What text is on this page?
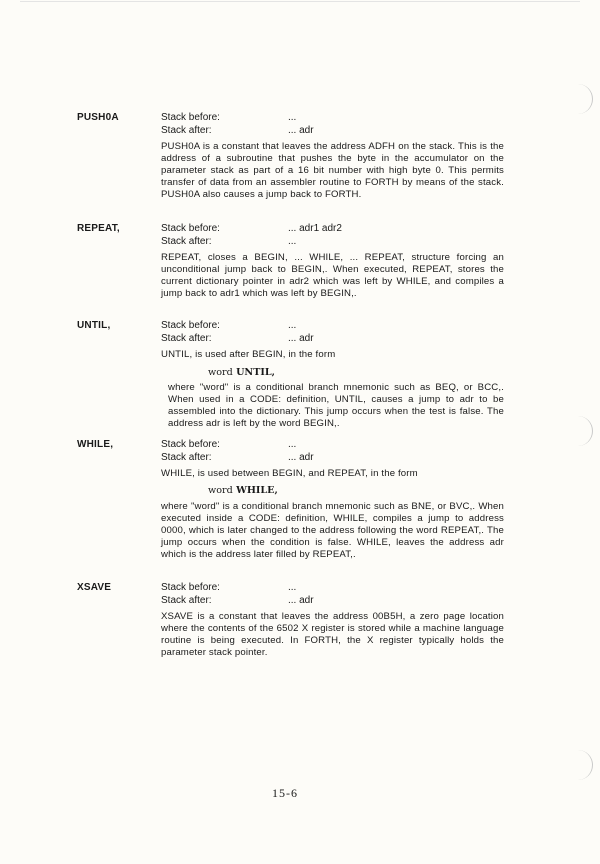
PUSH0A	Stack before:	...
Stack after:	... adr
PUSH0A is a constant that leaves the address ADFH on the stack. This is the address of a subroutine that pushes the byte in the accumulator on the parameter stack as part of a 16 bit number with high byte 0. This permits transfer of data from an assembler routine to FORTH by means of the stack. PUSH0A also causes a jump back to FORTH.
REPEAT,	Stack before:	... adr1 adr2
Stack after:	...
REPEAT, closes a BEGIN, ... WHILE, ... REPEAT, structure forcing an unconditional jump back to BEGIN,. When executed, REPEAT, stores the current dictionary pointer in adr2 which was left by WHILE, and compiles a jump back to adr1 which was left by BEGIN,.
UNTIL,	Stack before:	...
Stack after:	... adr
UNTIL, is used after BEGIN, in the form
word UNTIL,
where "word" is a conditional branch mnemonic such as BEQ, or BCC,. When used in a CODE: definition, UNTIL, causes a jump to adr to be assembled into the dictionary. This jump occurs when the test is false. The address adr is left by the word BEGIN,.
WHILE,	Stack before:	...
Stack after:	... adr
WHILE, is used between BEGIN, and REPEAT, in the form
word WHILE,
where "word" is a conditional branch mnemonic such as BNE, or BVC,. When executed inside a CODE: definition, WHILE, compiles a jump to address 0000, which is later changed to the address following the word REPEAT,. The jump occurs when the condition is false. WHILE, leaves the address adr which is the address later filled by REPEAT,.
XSAVE	Stack before:	...
Stack after:	... adr
XSAVE is a constant that leaves the address 00B5H, a zero page location where the contents of the 6502 X register is stored while a machine language routine is being executed. In FORTH, the X register typically holds the parameter stack pointer.
15-6
